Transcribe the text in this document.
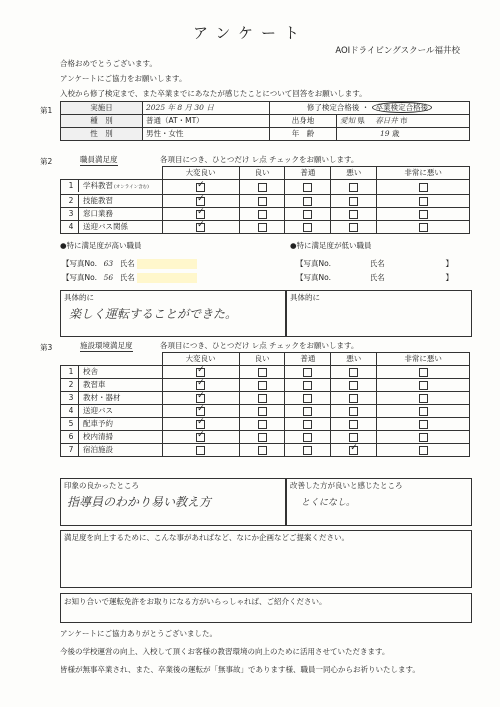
アンケート
AOIドライビングスクール福井校
合格おめでとうございます。
アンケートにご協力をお願いします。
入校から修了検定まで、また卒業までにあなたが感じたことについて回答をお願いします。
第1	実施日	2025 年 8 月 30 日	修了検定合格後 ・ 卒業検定合格後	
種　別	普通（AT・MT）	出身地	愛知 県 春日井 市
性　別	男性・女性	年　齢	19 歳
第2	職員満足度	各項目につき、ひとつだけ レ点 チェックをお願いします。
	大変良い	良い	普通	悪い	非常に悪い
1 学科教習(オンライン含む)	✓				
2 技能教習	✓				
3 窓口業務	✓				
4 送迎バス関係	✓				
●特に満足度が高い職員	●特に満足度が低い職員
【写真No. 63 氏名
【写真No. 56 氏名
【写真No.	氏名	】
【写真No.	氏名	】
具体的に
楽しく運転することができた。
具体的に
第3	施設環境満足度	各項目につき、ひとつだけ レ点 チェックをお願いします。
	大変良い	良い	普通	悪い	非常に悪い
1 校舎	✓				
2 教習車	✓				
3 教材・器材	✓				
4 送迎バス	✓				
5 配車予約	✓				
6 校内清掃	✓				
7 宿泊施設				✓	
印象の良かったところ
指導員のわかり易い教え方
改善した方が良いと感じたところ
とくになし。
満足度を向上するために、こんな事があればなど、なにか企画などご提案ください。
お知り合いで運転免許をお取りになる方がいらっしゃれば、ご紹介ください。
アンケートにご協力ありがとうございました。
今後の学校運営の向上、入校して頂くお客様の教習環境の向上のために活用させていただきます。
皆様が無事卒業され、また、卒業後の運転が「無事故」であります様、職員一同心からお祈りいたします。
